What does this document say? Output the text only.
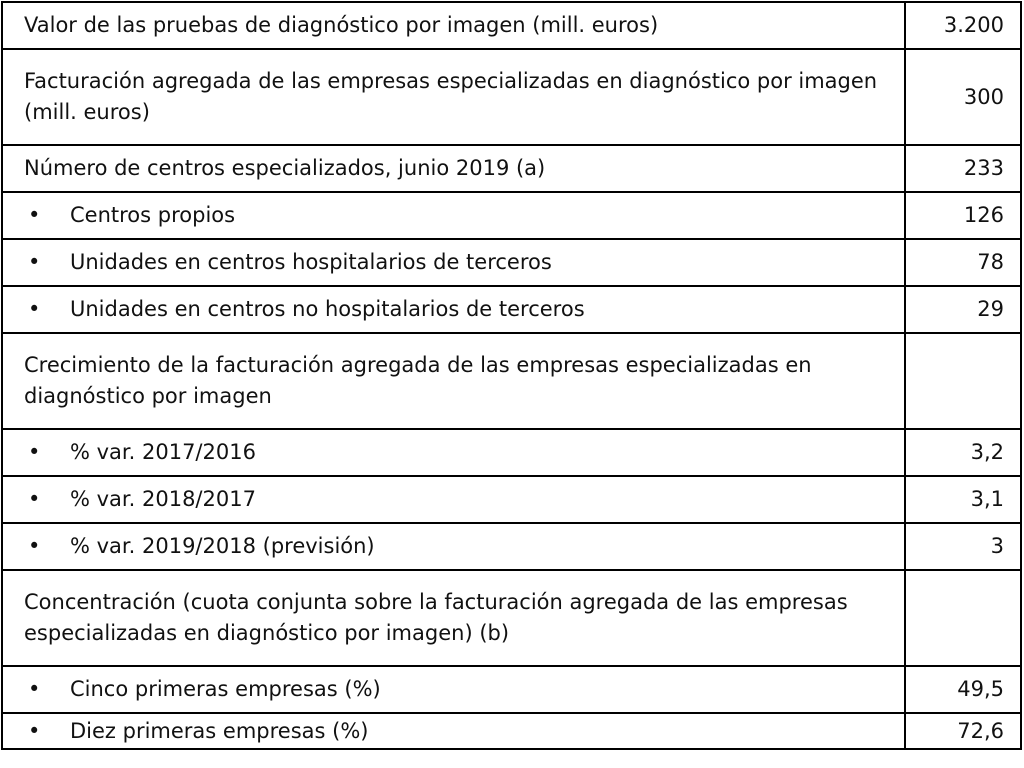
Valor de las pruebas de diagnóstico por imagen (mill. euros)	3.200
Facturación agregada de las empresas especializadas en diagnóstico por imagen (mill. euros)	300
Número de centros especializados, junio 2019 (a)	233
• Centros propios	126
• Unidades en centros hospitalarios de terceros	78
• Unidades en centros no hospitalarios de terceros	29
Crecimiento de la facturación agregada de las empresas especializadas en diagnóstico por imagen	
• % var. 2017/2016	3,2
• % var. 2018/2017	3,1
• % var. 2019/2018 (previsión)	3
Concentración (cuota conjunta sobre la facturación agregada de las empresas especializadas en diagnóstico por imagen) (b)	
• Cinco primeras empresas (%)	49,5
• Diez primeras empresas (%)	72,6
